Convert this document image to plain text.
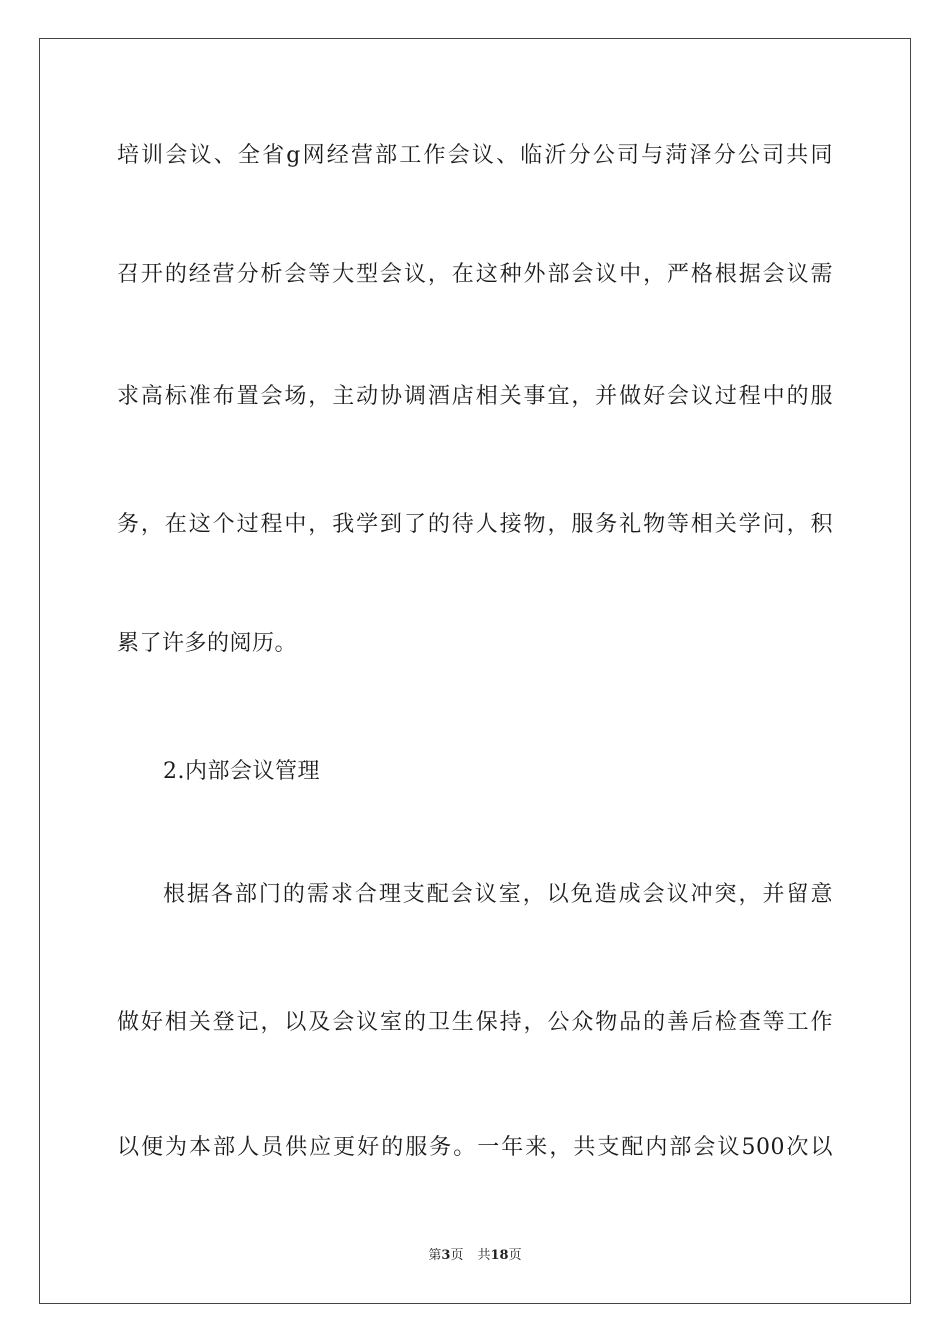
培训会议、全省g网经营部工作会议、临沂分公司与菏泽分公司共同
召开的经营分析会等大型会议，在这种外部会议中，严格根据会议需
求高标准布置会场，主动协调酒店相关事宜，并做好会议过程中的服
务，在这个过程中，我学到了的待人接物，服务礼物等相关学问，积
累了许多的阅历。
2.内部会议管理
根据各部门的需求合理支配会议室，以免造成会议冲突，并留意
做好相关登记，以及会议室的卫生保持，公众物品的善后检查等工作
以便为本部人员供应更好的服务。一年来，共支配内部会议500次以
第3页 共18页
